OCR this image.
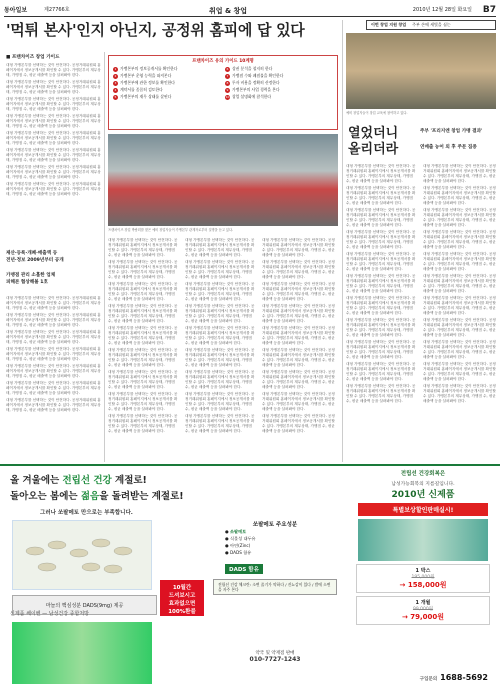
동아일보	제27766호	취업 & 창업	2010년 12월 28일 화요일 B7
'먹튀 본사'인지 아닌지, 공정위 홈피에 답 있다
■ 프랜차이즈 창업 가이드

대형 가맹본부를 선택하는 것이 안전하다. 공정거래위원회 홈페이지에서 정보공개서를 확인할 수 있다. 가맹본부의 재무상태, 가맹점 수, 평균 매출액 등을 살펴봐야 한다.

대형 가맹본부를 선택하는 것이 안전하다. 공정거래위원회 홈페이지에서 정보공개서를 확인할 수 있다. 가맹본부의 재무상태, 가맹점 수, 평균 매출액 등을 살펴봐야 한다.

대형 가맹본부를 선택하는 것이 안전하다. 공정거래위원회 홈페이지에서 정보공개서를 확인할 수 있다. 가맹본부의 재무상태, 가맹점 수, 평균 매출액 등을 살펴봐야 한다.

대형 가맹본부를 선택하는 것이 안전하다. 공정거래위원회 홈페이지에서 정보공개서를 확인할 수 있다. 가맹본부의 재무상태, 가맹점 수, 평균 매출액 등을 살펴봐야 한다.

대형 가맹본부를 선택하는 것이 안전하다. 공정거래위원회 홈페이지에서 정보공개서를 확인할 수 있다. 가맹본부의 재무상태, 가맹점 수, 평균 매출액 등을 살펴봐야 한다.

대형 가맹본부를 선택하는 것이 안전하다. 공정거래위원회 홈페이지에서 정보공개서를 확인할 수 있다. 가맹본부의 재무상태, 가맹점 수, 평균 매출액 등을 살펴봐야 한다.

대형 가맹본부를 선택하는 것이 안전하다. 공정거래위원회 홈페이지에서 정보공개서를 확인할 수 있다. 가맹본부의 재무상태, 가맹점 수, 평균 매출액 등을 살펴봐야 한다.

대형 가맹본부를 선택하는 것이 안전하다. 공정거래위원회 홈페이지에서 정보공개서를 확인할 수 있다. 가맹본부의 재무상태, 가맹점 수, 평균 매출액 등을 살펴봐야 한다.

제산·등록·개폐·매출액 등
전년·정보 2009년부터 공개
가맹점 관리 소홀한 업체
피해본 협상해볼 1호

대형 가맹본부를 선택하는 것이 안전하다. 공정거래위원회 홈페이지에서 정보공개서를 확인할 수 있다. 가맹본부의 재무상태, 가맹점 수, 평균 매출액 등을 살펴봐야 한다.

대형 가맹본부를 선택하는 것이 안전하다. 공정거래위원회 홈페이지에서 정보공개서를 확인할 수 있다. 가맹본부의 재무상태, 가맹점 수, 평균 매출액 등을 살펴봐야 한다.

대형 가맹본부를 선택하는 것이 안전하다. 공정거래위원회 홈페이지에서 정보공개서를 확인할 수 있다. 가맹본부의 재무상태, 가맹점 수, 평균 매출액 등을 살펴봐야 한다.

대형 가맹본부를 선택하는 것이 안전하다. 공정거래위원회 홈페이지에서 정보공개서를 확인할 수 있다. 가맹본부의 재무상태, 가맹점 수, 평균 매출액 등을 살펴봐야 한다.

대형 가맹본부를 선택하는 것이 안전하다. 공정거래위원회 홈페이지에서 정보공개서를 확인할 수 있다. 가맹본부의 재무상태, 가맹점 수, 평균 매출액 등을 살펴봐야 한다.

대형 가맹본부를 선택하는 것이 안전하다. 공정거래위원회 홈페이지에서 정보공개서를 확인할 수 있다. 가맹본부의 재무상태, 가맹점 수, 평균 매출액 등을 살펴봐야 한다.

대형 가맹본부를 선택하는 것이 안전하다. 공정거래위원회 홈페이지에서 정보공개서를 확인할 수 있다. 가맹본부의 재무상태, 가맹점 수, 평균 매출액 등을 살펴봐야 한다.

프랜차이즈 유의 가이드 10계명
1 가맹본부의 정보공개서를 확인한다	6 상권 분석을 철저히 한다
2 가맹본부 운영 능력을 따져본다	7 가맹점 수와 폐점률을 확인한다
3 가맹본부에 관한 정보를 확인한다	8 투자 비용을 정확히 산정한다
4 계약서를 꼼꼼히 검토한다	9 가맹본부의 사업 경력을 본다
5 가맹본부의 재무 상태를 살핀다	10 창업 설명회에 참석한다
프랜차이즈 창업 박람회를 찾은 예비 창업자들이 가맹본부 관계자로부터 설명을 듣고 있다.

대형 가맹본부를 선택하는 것이 안전하다. 공정거래위원회 홈페이지에서 정보공개서를 확인할 수 있다. 가맹본부의 재무상태, 가맹점 수, 평균 매출액 등을 살펴봐야 한다.

대형 가맹본부를 선택하는 것이 안전하다. 공정거래위원회 홈페이지에서 정보공개서를 확인할 수 있다. 가맹본부의 재무상태, 가맹점 수, 평균 매출액 등을 살펴봐야 한다.

대형 가맹본부를 선택하는 것이 안전하다. 공정거래위원회 홈페이지에서 정보공개서를 확인할 수 있다. 가맹본부의 재무상태, 가맹점 수, 평균 매출액 등을 살펴봐야 한다.

대형 가맹본부를 선택하는 것이 안전하다. 공정거래위원회 홈페이지에서 정보공개서를 확인할 수 있다. 가맹본부의 재무상태, 가맹점 수, 평균 매출액 등을 살펴봐야 한다.

대형 가맹본부를 선택하는 것이 안전하다. 공정거래위원회 홈페이지에서 정보공개서를 확인할 수 있다. 가맹본부의 재무상태, 가맹점 수, 평균 매출액 등을 살펴봐야 한다.

대형 가맹본부를 선택하는 것이 안전하다. 공정거래위원회 홈페이지에서 정보공개서를 확인할 수 있다. 가맹본부의 재무상태, 가맹점 수, 평균 매출액 등을 살펴봐야 한다.

대형 가맹본부를 선택하는 것이 안전하다. 공정거래위원회 홈페이지에서 정보공개서를 확인할 수 있다. 가맹본부의 재무상태, 가맹점 수, 평균 매출액 등을 살펴봐야 한다.

대형 가맹본부를 선택하는 것이 안전하다. 공정거래위원회 홈페이지에서 정보공개서를 확인할 수 있다. 가맹본부의 재무상태, 가맹점 수, 평균 매출액 등을 살펴봐야 한다.

대형 가맹본부를 선택하는 것이 안전하다. 공정거래위원회 홈페이지에서 정보공개서를 확인할 수 있다. 가맹본부의 재무상태, 가맹점 수, 평균 매출액 등을 살펴봐야 한다.

대형 가맹본부를 선택하는 것이 안전하다. 공정거래위원회 홈페이지에서 정보공개서를 확인할 수 있다. 가맹본부의 재무상태, 가맹점 수, 평균 매출액 등을 살펴봐야 한다.

대형 가맹본부를 선택하는 것이 안전하다. 공정거래위원회 홈페이지에서 정보공개서를 확인할 수 있다. 가맹본부의 재무상태, 가맹점 수, 평균 매출액 등을 살펴봐야 한다.

대형 가맹본부를 선택하는 것이 안전하다. 공정거래위원회 홈페이지에서 정보공개서를 확인할 수 있다. 가맹본부의 재무상태, 가맹점 수, 평균 매출액 등을 살펴봐야 한다.

대형 가맹본부를 선택하는 것이 안전하다. 공정거래위원회 홈페이지에서 정보공개서를 확인할 수 있다. 가맹본부의 재무상태, 가맹점 수, 평균 매출액 등을 살펴봐야 한다.

대형 가맹본부를 선택하는 것이 안전하다. 공정거래위원회 홈페이지에서 정보공개서를 확인할 수 있다. 가맹본부의 재무상태, 가맹점 수, 평균 매출액 등을 살펴봐야 한다.

대형 가맹본부를 선택하는 것이 안전하다. 공정거래위원회 홈페이지에서 정보공개서를 확인할 수 있다. 가맹본부의 재무상태, 가맹점 수, 평균 매출액 등을 살펴봐야 한다.

대형 가맹본부를 선택하는 것이 안전하다. 공정거래위원회 홈페이지에서 정보공개서를 확인할 수 있다. 가맹본부의 재무상태, 가맹점 수, 평균 매출액 등을 살펴봐야 한다.

대형 가맹본부를 선택하는 것이 안전하다. 공정거래위원회 홈페이지에서 정보공개서를 확인할 수 있다. 가맹본부의 재무상태, 가맹점 수, 평균 매출액 등을 살펴봐야 한다.

대형 가맹본부를 선택하는 것이 안전하다. 공정거래위원회 홈페이지에서 정보공개서를 확인할 수 있다. 가맹본부의 재무상태, 가맹점 수, 평균 매출액 등을 살펴봐야 한다.

대형 가맹본부를 선택하는 것이 안전하다. 공정거래위원회 홈페이지에서 정보공개서를 확인할 수 있다. 가맹본부의 재무상태, 가맹점 수, 평균 매출액 등을 살펴봐야 한다.

대형 가맹본부를 선택하는 것이 안전하다. 공정거래위원회 홈페이지에서 정보공개서를 확인할 수 있다. 가맹본부의 재무상태, 가맹점 수, 평균 매출액 등을 살펴봐야 한다.

대형 가맹본부를 선택하는 것이 안전하다. 공정거래위원회 홈페이지에서 정보공개서를 확인할 수 있다. 가맹본부의 재무상태, 가맹점 수, 평균 매출액 등을 살펴봐야 한다.

대형 가맹본부를 선택하는 것이 안전하다. 공정거래위원회 홈페이지에서 정보공개서를 확인할 수 있다. 가맹본부의 재무상태, 가맹점 수, 평균 매출액 등을 살펴봐야 한다.

대형 가맹본부를 선택하는 것이 안전하다. 공정거래위원회 홈페이지에서 정보공개서를 확인할 수 있다. 가맹본부의 재무상태, 가맹점 수, 평균 매출액 등을 살펴봐야 한다.

대형 가맹본부를 선택하는 것이 안전하다. 공정거래위원회 홈페이지에서 정보공개서를 확인할 수 있다. 가맹본부의 재무상태, 가맹점 수, 평균 매출액 등을 살펴봐야 한다.

대형 가맹본부를 선택하는 것이 안전하다. 공정거래위원회 홈페이지에서 정보공개서를 확인할 수 있다. 가맹본부의 재무상태, 가맹점 수, 평균 매출액 등을 살펴봐야 한다.

대형 가맹본부를 선택하는 것이 안전하다. 공정거래위원회 홈페이지에서 정보공개서를 확인할 수 있다. 가맹본부의 재무상태, 가맹점 수, 평균 매출액 등을 살펴봐야 한다.

대형 가맹본부를 선택하는 것이 안전하다. 공정거래위원회 홈페이지에서 정보공개서를 확인할 수 있다. 가맹본부의 재무상태, 가맹점 수, 평균 매출액 등을 살펴봐야 한다.

이번 창업 지원 창업 주부 손에 새빛을 심는
예비 창업자들이 창업 교육에 참여하고 있다.
열었더니
올리더라
주부 '프리지엔 창업 가맹 결과'
연매출 농어 외 후 주문 집중

대형 가맹본부를 선택하는 것이 안전하다. 공정거래위원회 홈페이지에서 정보공개서를 확인할 수 있다. 가맹본부의 재무상태, 가맹점 수, 평균 매출액 등을 살펴봐야 한다.

대형 가맹본부를 선택하는 것이 안전하다. 공정거래위원회 홈페이지에서 정보공개서를 확인할 수 있다. 가맹본부의 재무상태, 가맹점 수, 평균 매출액 등을 살펴봐야 한다.

대형 가맹본부를 선택하는 것이 안전하다. 공정거래위원회 홈페이지에서 정보공개서를 확인할 수 있다. 가맹본부의 재무상태, 가맹점 수, 평균 매출액 등을 살펴봐야 한다.

대형 가맹본부를 선택하는 것이 안전하다. 공정거래위원회 홈페이지에서 정보공개서를 확인할 수 있다. 가맹본부의 재무상태, 가맹점 수, 평균 매출액 등을 살펴봐야 한다.

대형 가맹본부를 선택하는 것이 안전하다. 공정거래위원회 홈페이지에서 정보공개서를 확인할 수 있다. 가맹본부의 재무상태, 가맹점 수, 평균 매출액 등을 살펴봐야 한다.

대형 가맹본부를 선택하는 것이 안전하다. 공정거래위원회 홈페이지에서 정보공개서를 확인할 수 있다. 가맹본부의 재무상태, 가맹점 수, 평균 매출액 등을 살펴봐야 한다.

대형 가맹본부를 선택하는 것이 안전하다. 공정거래위원회 홈페이지에서 정보공개서를 확인할 수 있다. 가맹본부의 재무상태, 가맹점 수, 평균 매출액 등을 살펴봐야 한다.

대형 가맹본부를 선택하는 것이 안전하다. 공정거래위원회 홈페이지에서 정보공개서를 확인할 수 있다. 가맹본부의 재무상태, 가맹점 수, 평균 매출액 등을 살펴봐야 한다.

대형 가맹본부를 선택하는 것이 안전하다. 공정거래위원회 홈페이지에서 정보공개서를 확인할 수 있다. 가맹본부의 재무상태, 가맹점 수, 평균 매출액 등을 살펴봐야 한다.

대형 가맹본부를 선택하는 것이 안전하다. 공정거래위원회 홈페이지에서 정보공개서를 확인할 수 있다. 가맹본부의 재무상태, 가맹점 수, 평균 매출액 등을 살펴봐야 한다.

대형 가맹본부를 선택하는 것이 안전하다. 공정거래위원회 홈페이지에서 정보공개서를 확인할 수 있다. 가맹본부의 재무상태, 가맹점 수, 평균 매출액 등을 살펴봐야 한다.

대형 가맹본부를 선택하는 것이 안전하다. 공정거래위원회 홈페이지에서 정보공개서를 확인할 수 있다. 가맹본부의 재무상태, 가맹점 수, 평균 매출액 등을 살펴봐야 한다.

대형 가맹본부를 선택하는 것이 안전하다. 공정거래위원회 홈페이지에서 정보공개서를 확인할 수 있다. 가맹본부의 재무상태, 가맹점 수, 평균 매출액 등을 살펴봐야 한다.

대형 가맹본부를 선택하는 것이 안전하다. 공정거래위원회 홈페이지에서 정보공개서를 확인할 수 있다. 가맹본부의 재무상태, 가맹점 수, 평균 매출액 등을 살펴봐야 한다.

대형 가맹본부를 선택하는 것이 안전하다. 공정거래위원회 홈페이지에서 정보공개서를 확인할 수 있다. 가맹본부의 재무상태, 가맹점 수, 평균 매출액 등을 살펴봐야 한다.

대형 가맹본부를 선택하는 것이 안전하다. 공정거래위원회 홈페이지에서 정보공개서를 확인할 수 있다. 가맹본부의 재무상태, 가맹점 수, 평균 매출액 등을 살펴봐야 한다.

대형 가맹본부를 선택하는 것이 안전하다. 공정거래위원회 홈페이지에서 정보공개서를 확인할 수 있다. 가맹본부의 재무상태, 가맹점 수, 평균 매출액 등을 살펴봐야 한다.

대형 가맹본부를 선택하는 것이 안전하다. 공정거래위원회 홈페이지에서 정보공개서를 확인할 수 있다. 가맹본부의 재무상태, 가맹점 수, 평균 매출액 등을 살펴봐야 한다.

대형 가맹본부를 선택하는 것이 안전하다. 공정거래위원회 홈페이지에서 정보공개서를 확인할 수 있다. 가맹본부의 재무상태, 가맹점 수, 평균 매출액 등을 살펴봐야 한다.

대형 가맹본부를 선택하는 것이 안전하다. 공정거래위원회 홈페이지에서 정보공개서를 확인할 수 있다. 가맹본부의 재무상태, 가맹점 수, 평균 매출액 등을 살펴봐야 한다.

대형 가맹본부를 선택하는 것이 안전하다. 공정거래위원회 홈페이지에서 정보공개서를 확인할 수 있다. 가맹본부의 재무상태, 가맹점 수, 평균 매출액 등을 살펴봐야 한다.

대형 가맹본부를 선택하는 것이 안전하다. 공정거래위원회 홈페이지에서 정보공개서를 확인할 수 있다. 가맹본부의 재무상태, 가맹점 수, 평균 매출액 등을 살펴봐야 한다.

올 겨울에는 전립선 건강 계절로!
돌아오는 봄에는 젊음을 돌려받는 계절로!
그러나 쏘팔메토 만으로는 부족합니다.
마늘의 핵심성분 DADS(9mg) 제공
신제품 쎄이벤 — 남성건강 종합처방
10월간
드셔보시고
효과없으면
100%환불
쏘팔메토 주요성분
● 쏘팔메토
● 식물성 대두유
● 아연(Zinc)
● DADS 함유
DADS 함유
전립선 건강 체크란: 소변 줄기가 약하다 / 잔뇨감이 있다 / 밤에 소변을 자주 본다
약국 및 약재점 판매
010-7727-1243
전립선 건강회복은
남성가능회복의 지름길입니다.
2010년 신제품
특별보상할인판매실시!
1 박스
195,000원
→ 158,000원
1 개월
99,000원
→ 79,000원
구입문의 1688-5692
